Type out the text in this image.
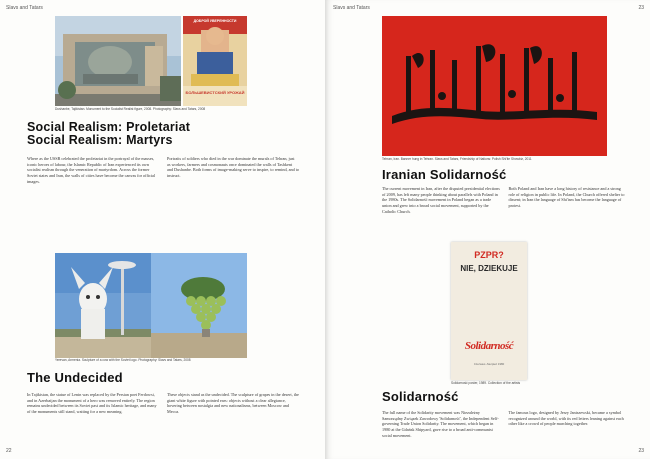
Slavs and Tatars
ДОБРОЙ УВЕРЕННОСТИ
БОЛЬШЕВИСТСКИЙ УРОЖАЙ
Dushanbe, Tajikistan. Monument to the Socialist Realist figure, 2008. Photography: Slavs and Tatars, 2008
Social Realism: Proletariat
Social Realism: Martyrs

Where as the USSR celebrated the proletariat in the portrayal of the masses, iconic heroes of labour, the Islamic Republic of Iran experienced its own socialist realism through the veneration of martyrdom. Across the former Soviet states and Iran, the walls of cities have become the canvas for official images.

Portraits of soldiers who died in the war dominate the murals of Tehran, just as workers, farmers and cosmonauts once dominated the walls of Tashkent and Dushanbe. Both forms of image-making serve to inspire, to remind, and to instruct.

Yerevan, Armenia. Sculpture of a cow with the Soviet logo. Photography: Slavs and Tatars, 2008
The Undecided

In Tajikistan, the statue of Lenin was replaced by the Persian poet Ferdowsi, and in Azerbaijan the monument of a hero was removed entirely. The region remains undecided between its Soviet past and its Islamic heritage, and many of the monuments still stand, waiting for a new meaning.

These objects stand as the undecided. The sculpture of grapes in the desert, the giant white figure with pointed ears: objects without a clear allegiance, hovering between nostalgia and new nationalisms, between Moscow and Mecca.

22
Slavs and Tatars	23
Tehran, Iran. Banner hung in Tehran. Slavs and Tatars, Friendship of Nations: Polish Shi'ite Showbiz, 2011
Iranian Solidarność

The current movement in Iran, after the disputed presidential elections of 2009, has left many people thinking about parallels with Poland in the 1980s. The Solidarność movement in Poland began as a trade union and grew into a broad social movement, supported by the Catholic Church.

Both Poland and Iran have a long history of resistance and a strong role of religion in public life. In Poland, the Church offered shelter to dissent; in Iran the language of Shi'ism has become the language of protest.

PZPR?
NIE, DZIEKUJE
Solidarność
Czerwiec–Sierpień 1980
Solidarność poster, 1989. Collection of the artists
Solidarność

The full name of the Solidarity movement was Niezależny Samorządny Związek Zawodowy 'Solidarność', the Independent Self-governing Trade Union Solidarity. The movement, which began in 1980 at the Gdańsk Shipyard, gave rise to a broad anti-communist social movement.

The famous logo, designed by Jerzy Janiszewski, became a symbol recognized around the world, with its red letters leaning against each other like a crowd of people marching together.

23
